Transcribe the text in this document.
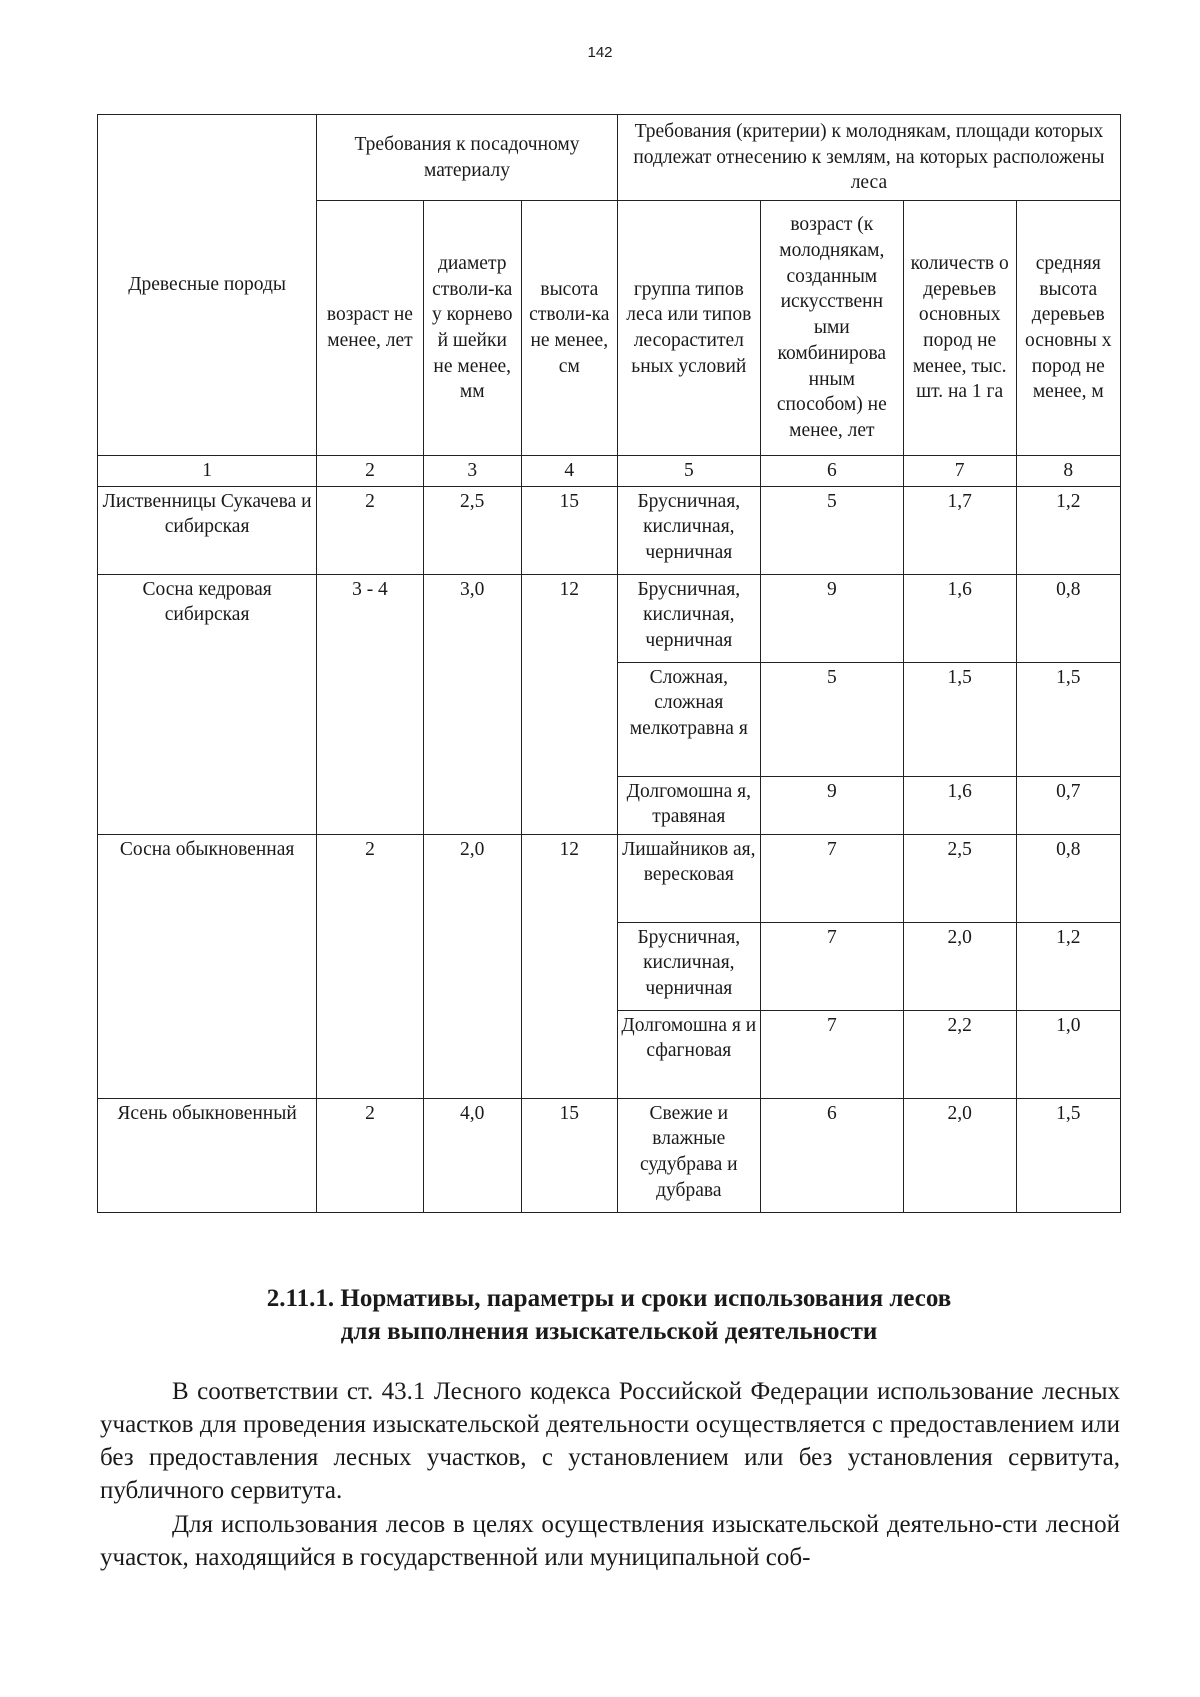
142
Древесные породы	Требования к посадочному материалу			Требования (критерии) к молоднякам, площади которых подлежат отнесению к землям, на которых расположены леса			
	возраст не менее, лет	диаметр стволи-ка у корнево й шейки не менее, мм	высота стволи-ка не менее, см	группа типов леса или типов лесорастител ьных условий	возраст (к молоднякам, созданным искусственн ыми комбинирова нным способом) не менее, лет	количеств о деревьев основных пород не менее, тыс. шт. на 1 га	средняя высота деревьев основны х пород не менее, м
1	2	3	4	5	6	7	8
Лиственницы Сукачева и сибирская	2	2,5	15	Брусничная, кисличная, черничная	5	1,7	1,2
Сосна кедровая сибирская	3 - 4	3,0	12	Брусничная, кисличная, черничная	9	1,6	0,8
				Сложная, сложная мелкотравна я	5	1,5	1,5
				Долгомошна я, травяная	9	1,6	0,7
Сосна обыкновенная	2	2,0	12	Лишайников ая, вересковая	7	2,5	0,8
				Брусничная, кисличная, черничная	7	2,0	1,2
				Долгомошна я и сфагновая	7	2,2	1,0
Ясень обыкновенный	2	4,0	15	Свежие и влажные судубрава и дубрава	6	2,0	1,5
2.11.1. Нормативы, параметры и сроки использования лесов
для выполнения изыскательской деятельности

В соответствии ст. 43.1 Лесного кодекса Российской Федерации использование лесных участков для проведения изыскательской деятельности осуществляется с предоставлением или без предоставления лесных участков, с установлением или без установления сервитута, публичного сервитута.

Для использования лесов в целях осуществления изыскательской деятельно-сти лесной участок, находящийся в государственной или муниципальной соб-
